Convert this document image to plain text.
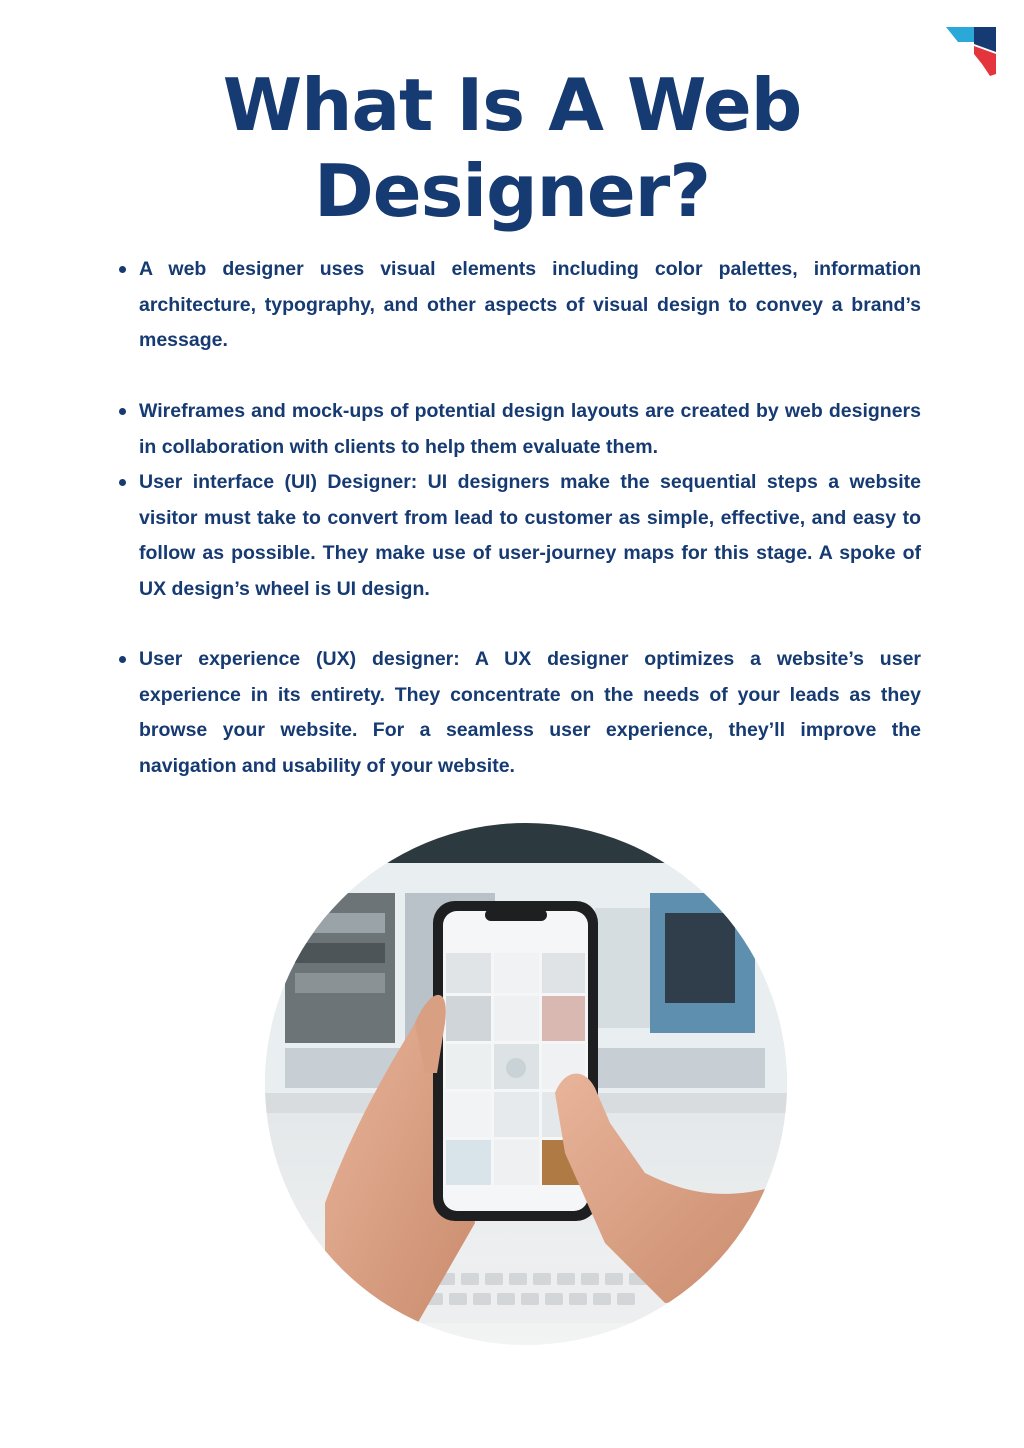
What Is A Web
Designer?
A web designer uses visual elements including color palettes, information architecture, typography, and other aspects of visual design to convey a brand’s message.
Wireframes and mock-ups of potential design layouts are created by web designers in collaboration with clients to help them evaluate them.
User interface (UI) Designer: UI designers make the sequential steps a website visitor must take to convert from lead to customer as simple, effective, and easy to follow as possible. They make use of user-journey maps for this stage. A spoke of UX design’s wheel is UI design.
User experience (UX) designer: A UX designer optimizes a website’s user experience in its entirety. They concentrate on the needs of your leads as they browse your website. For a seamless user experience, they’ll improve the navigation and usability of your website.
